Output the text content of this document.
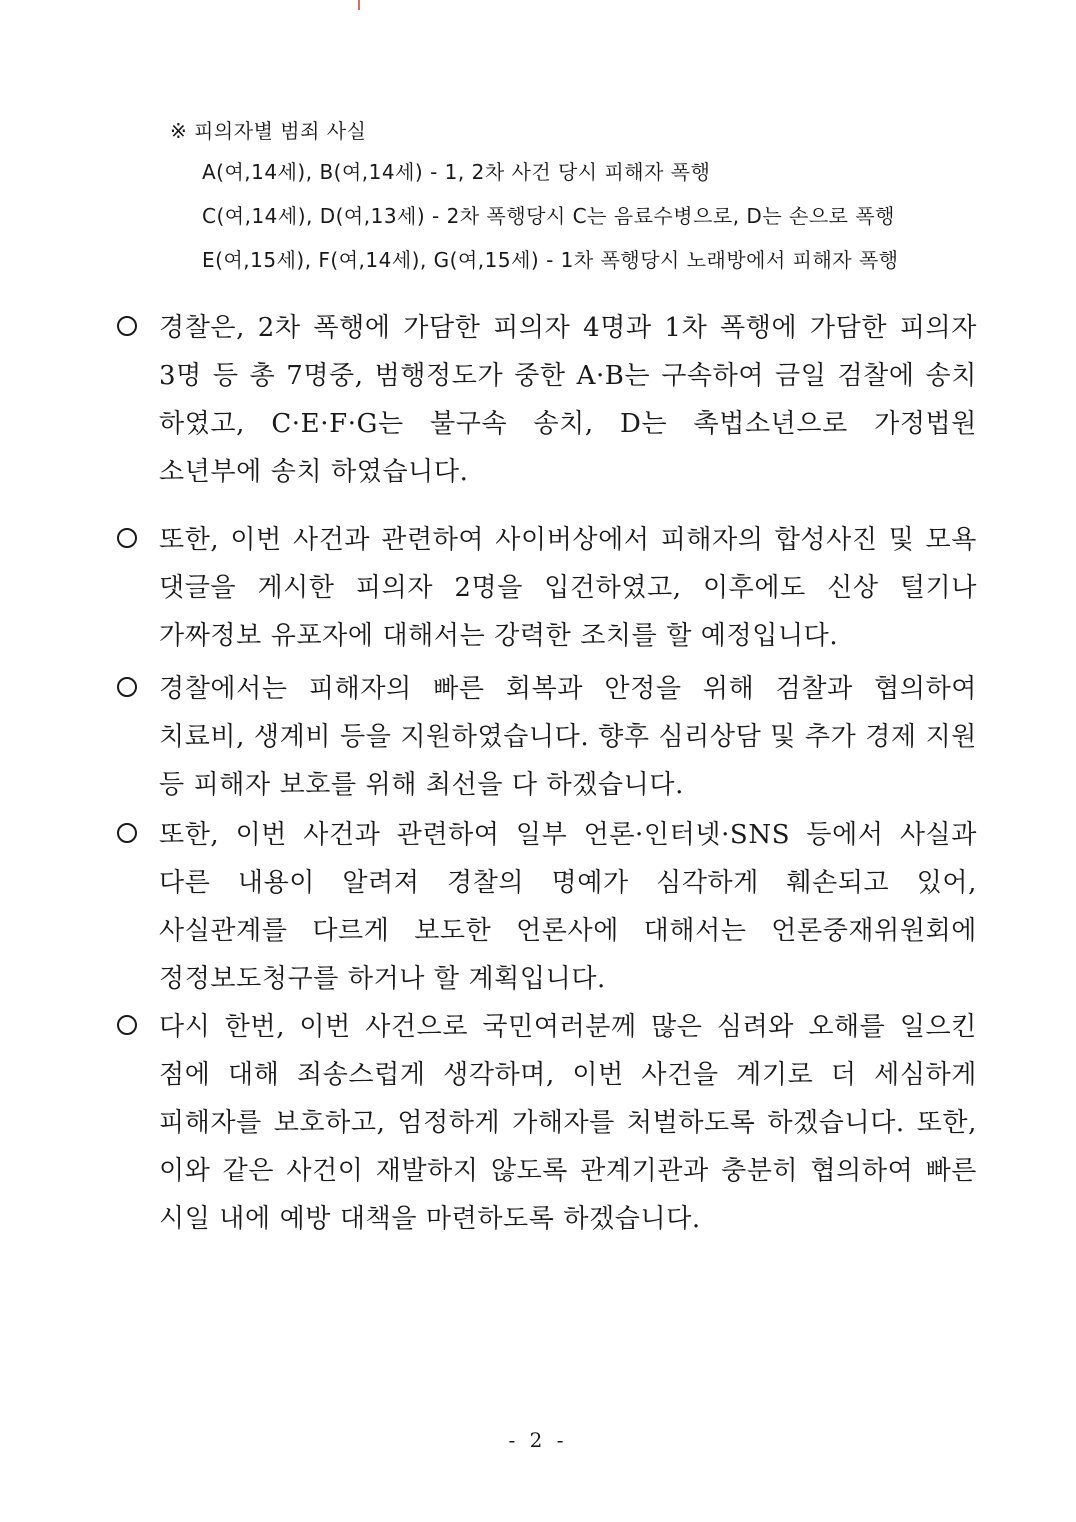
※ 피의자별 범죄 사실
A(여,14세), B(여,14세) - 1, 2차 사건 당시 피해자 폭행
C(여,14세), D(여,13세) - 2차 폭행당시 C는 음료수병으로, D는 손으로 폭행
E(여,15세), F(여,14세), G(여,15세) - 1차 폭행당시 노래방에서 피해자 폭행
경찰은, 2차 폭행에 가담한 피의자 4명과 1차 폭행에 가담한 피의자 3명 등 총 7명중, 범행정도가 중한 A·B는 구속하여 금일 검찰에 송치 하였고, C·E·F·G는 불구속 송치, D는 촉법소년으로 가정법원 소년부에 송치 하였습니다.
또한, 이번 사건과 관련하여 사이버상에서 피해자의 합성사진 및 모욕 댓글을 게시한 피의자 2명을 입건하였고, 이후에도 신상 털기나 가짜정보 유포자에 대해서는 강력한 조치를 할 예정입니다.
경찰에서는 피해자의 빠른 회복과 안정을 위해 검찰과 협의하여 치료비, 생계비 등을 지원하였습니다. 향후 심리상담 및 추가 경제 지원 등 피해자 보호를 위해 최선을 다 하겠습니다.
또한, 이번 사건과 관련하여 일부 언론·인터넷·SNS 등에서 사실과 다른 내용이 알려져 경찰의 명예가 심각하게 훼손되고 있어, 사실관계를 다르게 보도한 언론사에 대해서는 언론중재위원회에 정정보도청구를 하거나 할 계획입니다.
다시 한번, 이번 사건으로 국민여러분께 많은 심려와 오해를 일으킨 점에 대해 죄송스럽게 생각하며, 이번 사건을 계기로 더 세심하게 피해자를 보호하고, 엄정하게 가해자를 처벌하도록 하겠습니다. 또한, 이와 같은 사건이 재발하지 않도록 관계기관과 충분히 협의하여 빠른 시일 내에 예방 대책을 마련하도록 하겠습니다.
- 2 -
